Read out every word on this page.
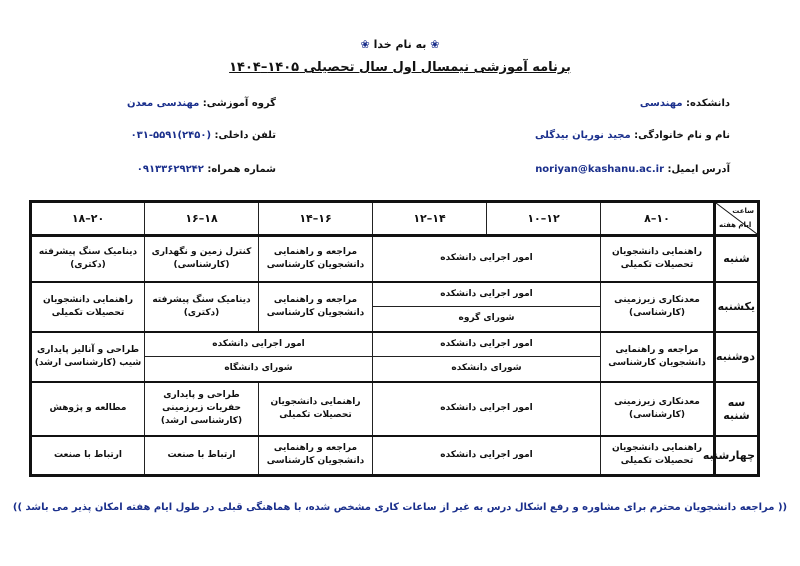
❀ به نام خدا ❀
برنامه آموزشی نیمسال اول سال تحصیلی ۱۴۰۵–۱۴۰۴
دانشکده: مهندسی
گروه آموزشی: مهندسی معدن
نام و نام خانوادگی: مجید نوریان بیدگلی
تلفن داخلی: (۲۴۵۰)۵۵۹۱-۰۳۱
آدرس ایمیل: noriyan@kashanu.ac.ir
شماره همراه: ۰۹۱۳۳۶۲۹۲۴۲
ساعت
ایام هفته	۱۰–۸	۱۲–۱۰	۱۴–۱۲	۱۶–۱۴	۱۸–۱۶	۲۰–۱۸
شنبه	راهنمایی دانشجویان تحصیلات تکمیلی	امور اجرایی دانشکده		مراجعه و راهنمایی دانشجویان کارشناسی	کنترل زمین و نگهداری (کارشناسی)	دینامیک سنگ پیشرفته (دکتری)
یکشنبه	معدنکاری زیرزمینی (کارشناسی)	امور اجرایی دانشکده		مراجعه و راهنمایی دانشجویان کارشناسی	دینامیک سنگ پیشرفته (دکتری)	راهنمایی دانشجویان تحصیلات تکمیلی
		شورای گروه				
دوشنبه	مراجعه و راهنمایی دانشجویان کارشناسی	امور اجرایی دانشکده		امور اجرایی دانشکده		طراحی و آنالیز پایداری شیب (کارشناسی ارشد)
		شورای دانشکده		شورای دانشگاه		
سه شنبه	معدنکاری زیرزمینی (کارشناسی)	امور اجرایی دانشکده		راهنمایی دانشجویان تحصیلات تکمیلی	طراحی و پایداری حفریات زیرزمینی (کارشناسی ارشد)	مطالعه و پژوهش
چهارشنبه	راهنمایی دانشجویان تحصیلات تکمیلی	امور اجرایی دانشکده		مراجعه و راهنمایی دانشجویان کارشناسی	ارتباط با صنعت	ارتباط با صنعت
(( مراجعه دانشجویان محترم برای مشاوره و رفع اشکال درس به غیر از ساعات کاری مشخص شده، با هماهنگی قبلی در طول ایام هفته امکان پذیر می باشد ))
